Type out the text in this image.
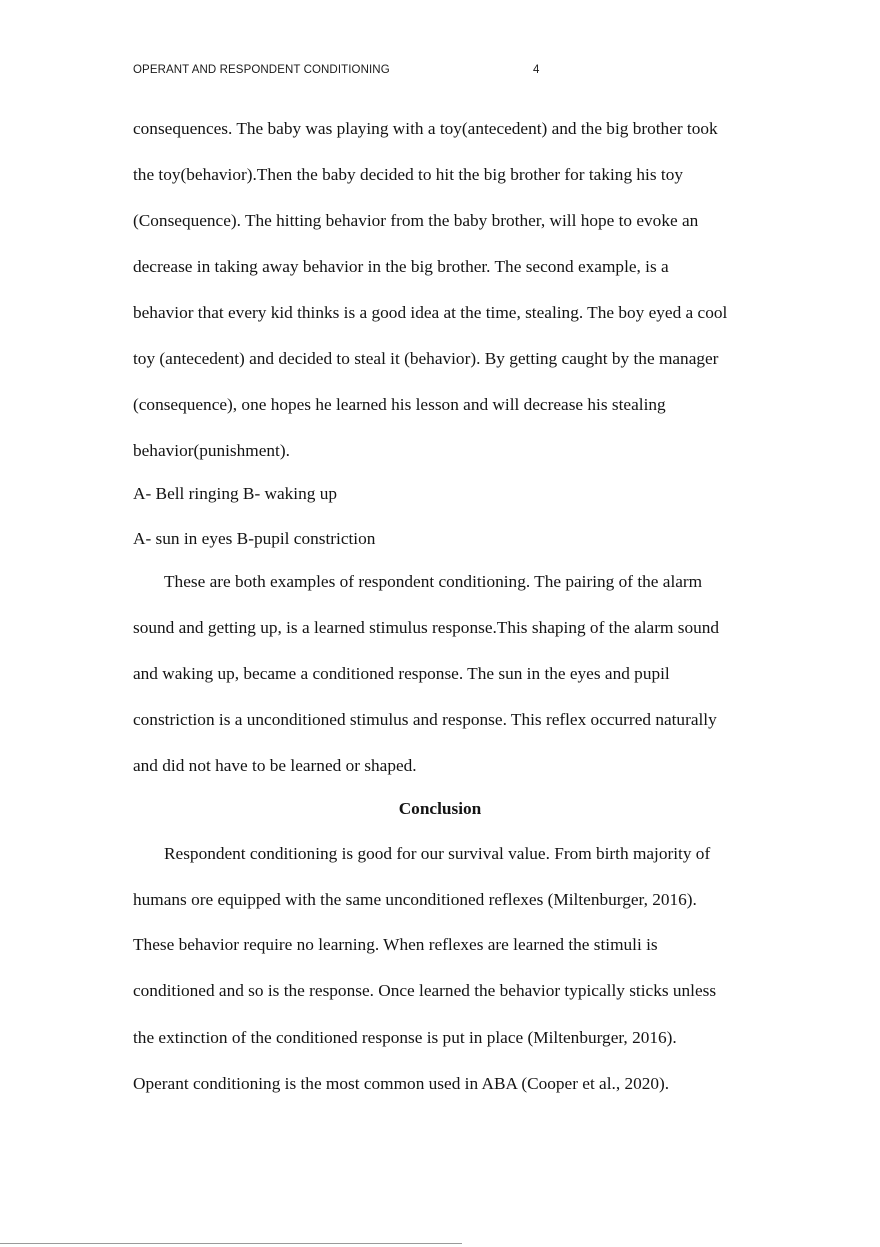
OPERANT AND RESPONDENT CONDITIONING	4
consequences. The baby was playing with a toy(antecedent) and the big brother took
the toy(behavior).Then the baby decided to hit the big brother for taking his toy
(Consequence). The hitting behavior from the baby brother, will hope to evoke an
decrease in taking away behavior in the big brother. The second example, is a
behavior that every kid thinks is a good idea at the time, stealing. The boy eyed a cool
toy (antecedent) and decided to steal it (behavior). By getting caught by the manager
(consequence), one hopes he learned his lesson and will decrease his stealing
behavior(punishment).
A- Bell ringing B- waking up
A- sun in eyes B-pupil constriction
These are both examples of respondent conditioning. The pairing of the alarm
sound and getting up, is a learned stimulus response.This shaping of the alarm sound
and waking up, became a conditioned response. The sun in the eyes and pupil
constriction is a unconditioned stimulus and response. This reflex occurred naturally
and did not have to be learned or shaped.
Conclusion
Respondent conditioning is good for our survival value. From birth majority of
humans ore equipped with the same unconditioned reflexes (Miltenburger, 2016).
These behavior require no learning. When reflexes are learned the stimuli is
conditioned and so is the response. Once learned the behavior typically sticks unless
the extinction of the conditioned response is put in place (Miltenburger, 2016).
Operant conditioning is the most common used in ABA (Cooper et al., 2020).
